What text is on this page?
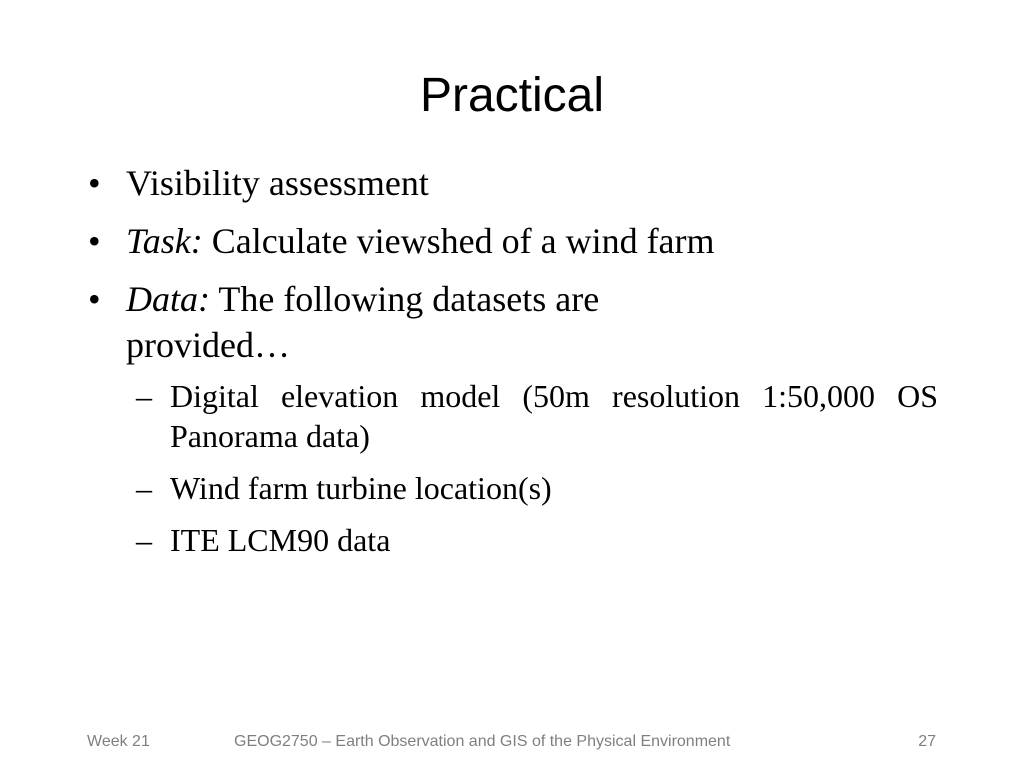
Practical
• Visibility assessment
• Task: Calculate viewshed of a wind farm
• Data: The following datasets are provided…
– Digital elevation model (50m resolution 1:50,000 OS Panorama data)
– Wind farm turbine location(s)
– ITE LCM90 data
Week 21	GEOG2750 – Earth Observation and GIS of the Physical Environment	27
